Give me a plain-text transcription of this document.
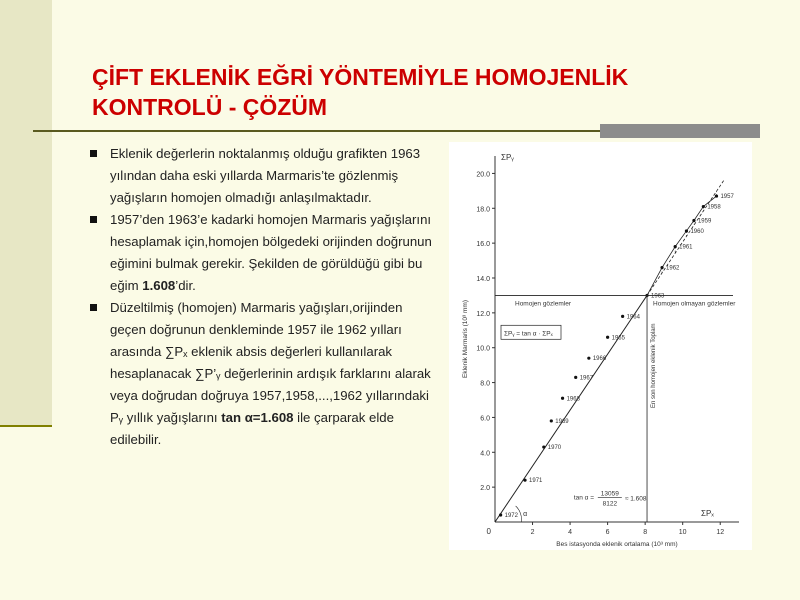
ÇİFT EKLENİK EĞRİ YÖNTEMİYLE HOMOJENLİK KONTROLÜ - ÇÖZÜM
Eklenik değerlerin noktalanmış olduğu grafikten 1963 yılından daha eski yıllarda Marmaris’te gözlenmiş yağışların homojen olmadığı anlaşılmaktadır.
1957’den 1963’e kadarki homojen Marmaris yağışlarını hesaplamak için,homojen bölgedeki orijinden doğrunun eğimini bulmak gerekir. Şekilden de görüldüğü gibi bu eğim 1.608’dir.
Düzeltilmiş (homojen) Marmaris yağışları,orijinden geçen doğrunun denkleminde 1957 ile 1962 yılları arasında ∑Pₓ eklenik absis değerleri kullanılarak hesaplanacak ∑P’ᵧ değerlerinin ardışık farklarını alarak veya doğrudan doğruya 1957,1958,...,1962 yıllarındaki Pᵧ yıllık yağışlarını tan α=1.608 ile çarparak elde edilebilir.
0	2	4	6	8	10	12
2.0
4.0
6.0
8.0
10.0
12.0
14.0
16.0
18.0
20.0
ΣPᵧ
ΣPₓ
Bes istasyonda eklenik ortalama (10³ mm)
Eklenik Marmaris (10³ mm)
1972
1971
1970
1969
1968
1967
1966
1965
1964
1963
1962
1961
1960
1959
1958
1957
Homojen gözlemler	Homojen olmayan gözlemler
En son homojen eklenik Toplam
ΣPᵧ = tan α · ΣPₓ
tan α =
13059
8122
≈ 1.608
α
